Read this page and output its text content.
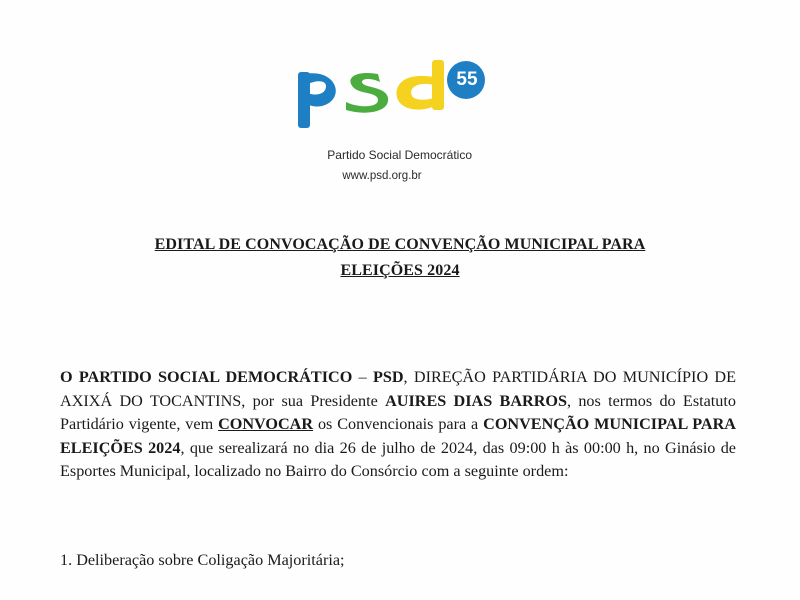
55
Partido Social Democrático
www.psd.org.br
EDITAL DE CONVOCAÇÃO DE CONVENÇÃO MUNICIPAL PARA
ELEIÇÕES 2024
O PARTIDO SOCIAL DEMOCRÁTICO – PSD, DIREÇÃO PARTIDÁRIA DO MUNICÍPIO DE AXIXÁ DO TOCANTINS, por sua Presidente AUIRES DIAS BARROS, nos termos do Estatuto Partidário vigente, vem CONVOCAR os Convencionais para a CONVENÇÃO MUNICIPAL PARA ELEIÇÕES 2024, que serealizará no dia 26 de julho de 2024, das 09:00 h às 00:00 h, no Ginásio de Esportes Municipal, localizado no Bairro do Consórcio com a seguinte ordem:
1. Deliberação sobre Coligação Majoritária;
